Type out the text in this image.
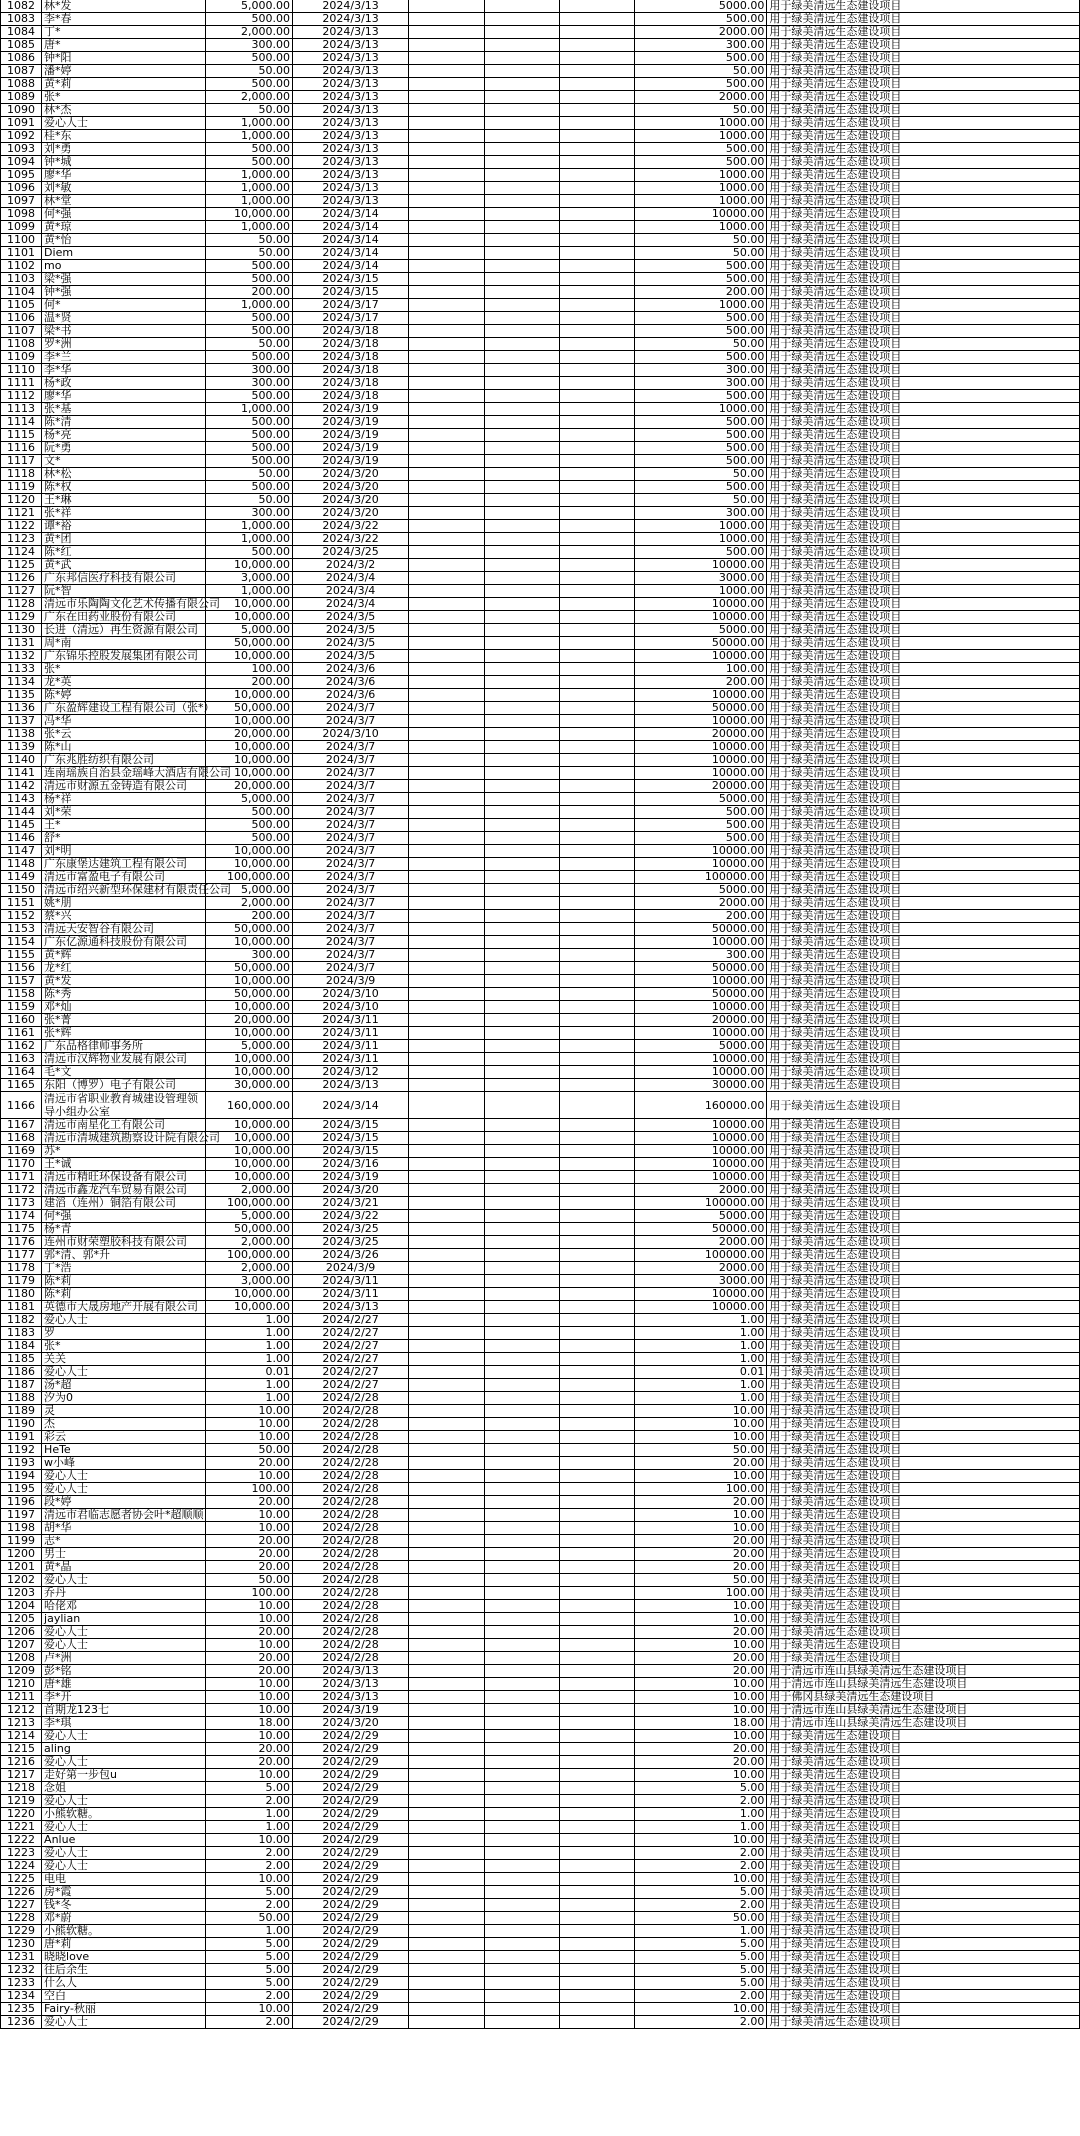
1082	林*发	5,000.00	2024/3/13				5000.00	用于绿美清远生态建设项目
1083	李*春	500.00	2024/3/13				500.00	用于绿美清远生态建设项目
1084	丁*	2,000.00	2024/3/13				2000.00	用于绿美清远生态建设项目
1085	唐*	300.00	2024/3/13				300.00	用于绿美清远生态建设项目
1086	钟*阳	500.00	2024/3/13				500.00	用于绿美清远生态建设项目
1087	潘*婷	50.00	2024/3/13				50.00	用于绿美清远生态建设项目
1088	黄*莉	500.00	2024/3/13				500.00	用于绿美清远生态建设项目
1089	张*	2,000.00	2024/3/13				2000.00	用于绿美清远生态建设项目
1090	林*杰	50.00	2024/3/13				50.00	用于绿美清远生态建设项目
1091	爱心人士	1,000.00	2024/3/13				1000.00	用于绿美清远生态建设项目
1092	桂*东	1,000.00	2024/3/13				1000.00	用于绿美清远生态建设项目
1093	刘*勇	500.00	2024/3/13				500.00	用于绿美清远生态建设项目
1094	钟*城	500.00	2024/3/13				500.00	用于绿美清远生态建设项目
1095	廖*华	1,000.00	2024/3/13				1000.00	用于绿美清远生态建设项目
1096	刘*敏	1,000.00	2024/3/13				1000.00	用于绿美清远生态建设项目
1097	林*堂	1,000.00	2024/3/13				1000.00	用于绿美清远生态建设项目
1098	何*强	10,000.00	2024/3/14				10000.00	用于绿美清远生态建设项目
1099	黄*琼	1,000.00	2024/3/14				1000.00	用于绿美清远生态建设项目
1100	黄*怡	50.00	2024/3/14				50.00	用于绿美清远生态建设项目
1101	Diem	50.00	2024/3/14				50.00	用于绿美清远生态建设项目
1102	mo	500.00	2024/3/14				500.00	用于绿美清远生态建设项目
1103	梁*强	500.00	2024/3/15				500.00	用于绿美清远生态建设项目
1104	钟*强	200.00	2024/3/15				200.00	用于绿美清远生态建设项目
1105	何*	1,000.00	2024/3/17				1000.00	用于绿美清远生态建设项目
1106	温*贤	500.00	2024/3/17				500.00	用于绿美清远生态建设项目
1107	梁*书	500.00	2024/3/18				500.00	用于绿美清远生态建设项目
1108	罗*洲	50.00	2024/3/18				50.00	用于绿美清远生态建设项目
1109	李*兰	500.00	2024/3/18				500.00	用于绿美清远生态建设项目
1110	李*华	300.00	2024/3/18				300.00	用于绿美清远生态建设项目
1111	杨*政	300.00	2024/3/18				300.00	用于绿美清远生态建设项目
1112	廖*华	500.00	2024/3/18				500.00	用于绿美清远生态建设项目
1113	张*基	1,000.00	2024/3/19				1000.00	用于绿美清远生态建设项目
1114	陈*清	500.00	2024/3/19				500.00	用于绿美清远生态建设项目
1115	杨*亮	500.00	2024/3/19				500.00	用于绿美清远生态建设项目
1116	阮*勇	500.00	2024/3/19				500.00	用于绿美清远生态建设项目
1117	文*	500.00	2024/3/19				500.00	用于绿美清远生态建设项目
1118	林*松	50.00	2024/3/20				50.00	用于绿美清远生态建设项目
1119	陈*权	500.00	2024/3/20				500.00	用于绿美清远生态建设项目
1120	王*琳	50.00	2024/3/20				50.00	用于绿美清远生态建设项目
1121	张*祥	300.00	2024/3/20				300.00	用于绿美清远生态建设项目
1122	谭*裕	1,000.00	2024/3/22				1000.00	用于绿美清远生态建设项目
1123	黄*团	1,000.00	2024/3/22				1000.00	用于绿美清远生态建设项目
1124	陈*红	500.00	2024/3/25				500.00	用于绿美清远生态建设项目
1125	黄*武	10,000.00	2024/3/2				10000.00	用于绿美清远生态建设项目
1126	广东邦信医疗科技有限公司	3,000.00	2024/3/4				3000.00	用于绿美清远生态建设项目
1127	阮*智	1,000.00	2024/3/4				1000.00	用于绿美清远生态建设项目
1128	清远市乐陶陶文化艺术传播有限公司	10,000.00	2024/3/4				10000.00	用于绿美清远生态建设项目
1129	广东在田药业股份有限公司	10,000.00	2024/3/5				10000.00	用于绿美清远生态建设项目
1130	长进（清远）再生资源有限公司	5,000.00	2024/3/5				5000.00	用于绿美清远生态建设项目
1131	周*南	50,000.00	2024/3/5				50000.00	用于绿美清远生态建设项目
1132	广东锦乐控股发展集团有限公司	10,000.00	2024/3/5				10000.00	用于绿美清远生态建设项目
1133	张*	100.00	2024/3/6				100.00	用于绿美清远生态建设项目
1134	龙*英	200.00	2024/3/6				200.00	用于绿美清远生态建设项目
1135	陈*婷	10,000.00	2024/3/6				10000.00	用于绿美清远生态建设项目
1136	广东盈辉建设工程有限公司（张*）	50,000.00	2024/3/7				50000.00	用于绿美清远生态建设项目
1137	冯*华	10,000.00	2024/3/7				10000.00	用于绿美清远生态建设项目
1138	张*云	20,000.00	2024/3/10				20000.00	用于绿美清远生态建设项目
1139	陈*山	10,000.00	2024/3/7				10000.00	用于绿美清远生态建设项目
1140	广东兆胜纺织有限公司	10,000.00	2024/3/7				10000.00	用于绿美清远生态建设项目
1141	连南瑶族自治县金瑶峰大酒店有限公司	10,000.00	2024/3/7				10000.00	用于绿美清远生态建设项目
1142	清远市财源五金铸造有限公司	20,000.00	2024/3/7				20000.00	用于绿美清远生态建设项目
1143	杨*祥	5,000.00	2024/3/7				5000.00	用于绿美清远生态建设项目
1144	刘*荣	500.00	2024/3/7				500.00	用于绿美清远生态建设项目
1145	王*	500.00	2024/3/7				500.00	用于绿美清远生态建设项目
1146	舒*	500.00	2024/3/7				500.00	用于绿美清远生态建设项目
1147	刘*明	10,000.00	2024/3/7				10000.00	用于绿美清远生态建设项目
1148	广东康堡达建筑工程有限公司	10,000.00	2024/3/7				10000.00	用于绿美清远生态建设项目
1149	清远市富盈电子有限公司	100,000.00	2024/3/7				100000.00	用于绿美清远生态建设项目
1150	清远市绍兴新型环保建材有限责任公司	5,000.00	2024/3/7				5000.00	用于绿美清远生态建设项目
1151	姚*朋	2,000.00	2024/3/7				2000.00	用于绿美清远生态建设项目
1152	蔡*兴	200.00	2024/3/7				200.00	用于绿美清远生态建设项目
1153	清远天安智谷有限公司	50,000.00	2024/3/7				50000.00	用于绿美清远生态建设项目
1154	广东亿源通科技股份有限公司	10,000.00	2024/3/7				10000.00	用于绿美清远生态建设项目
1155	黄*辉	300.00	2024/3/7				300.00	用于绿美清远生态建设项目
1156	龙*红	50,000.00	2024/3/7				50000.00	用于绿美清远生态建设项目
1157	黄*发	10,000.00	2024/3/9				10000.00	用于绿美清远生态建设项目
1158	陈*秀	50,000.00	2024/3/10				50000.00	用于绿美清远生态建设项目
1159	邓*灿	10,000.00	2024/3/10				10000.00	用于绿美清远生态建设项目
1160	张*菁	20,000.00	2024/3/11				20000.00	用于绿美清远生态建设项目
1161	张*辉	10,000.00	2024/3/11				10000.00	用于绿美清远生态建设项目
1162	广东品格律师事务所	5,000.00	2024/3/11				5000.00	用于绿美清远生态建设项目
1163	清远市汉辉物业发展有限公司	10,000.00	2024/3/11				10000.00	用于绿美清远生态建设项目
1164	毛*文	10,000.00	2024/3/12				10000.00	用于绿美清远生态建设项目
1165	东阳（博罗）电子有限公司	30,000.00	2024/3/13				30000.00	用于绿美清远生态建设项目
1166	清远市省职业教育城建设管理领导小组办公室	160,000.00	2024/3/14				160000.00	用于绿美清远生态建设项目
1167	清远市南星化工有限公司	10,000.00	2024/3/15				10000.00	用于绿美清远生态建设项目
1168	清远市清城建筑勘察设计院有限公司	10,000.00	2024/3/15				10000.00	用于绿美清远生态建设项目
1169	苏*	10,000.00	2024/3/15				10000.00	用于绿美清远生态建设项目
1170	王*诚	10,000.00	2024/3/16				10000.00	用于绿美清远生态建设项目
1171	清远市精旺环保设备有限公司	10,000.00	2024/3/19				10000.00	用于绿美清远生态建设项目
1172	清远市鑫龙汽车贸易有限公司	2,000.00	2024/3/20				2000.00	用于绿美清远生态建设项目
1173	建滔（连州）铜箔有限公司	100,000.00	2024/3/21				100000.00	用于绿美清远生态建设项目
1174	何*强	5,000.00	2024/3/22				5000.00	用于绿美清远生态建设项目
1175	杨*青	50,000.00	2024/3/25				50000.00	用于绿美清远生态建设项目
1176	连州市财荣塑胶科技有限公司	2,000.00	2024/3/25				2000.00	用于绿美清远生态建设项目
1177	郭*清、郭*升	100,000.00	2024/3/26				100000.00	用于绿美清远生态建设项目
1178	丁*浩	2,000.00	2024/3/9				2000.00	用于绿美清远生态建设项目
1179	陈*莉	3,000.00	2024/3/11				3000.00	用于绿美清远生态建设项目
1180	陈*莉	10,000.00	2024/3/11				10000.00	用于绿美清远生态建设项目
1181	英德市大晟房地产开展有限公司	10,000.00	2024/3/13				10000.00	用于绿美清远生态建设项目
1182	爱心人士	1.00	2024/2/27				1.00	用于绿美清远生态建设项目
1183	罗	1.00	2024/2/27				1.00	用于绿美清远生态建设项目
1184	张*	1.00	2024/2/27				1.00	用于绿美清远生态建设项目
1185	关关	1.00	2024/2/27				1.00	用于绿美清远生态建设项目
1186	爱心人士	0.01	2024/2/27				0.01	用于绿美清远生态建设项目
1187	汤*超	1.00	2024/2/27				1.00	用于绿美清远生态建设项目
1188	汐为0	1.00	2024/2/28				1.00	用于绿美清远生态建设项目
1189	灵	10.00	2024/2/28				10.00	用于绿美清远生态建设项目
1190	杰	10.00	2024/2/28				10.00	用于绿美清远生态建设项目
1191	彩云	10.00	2024/2/28				10.00	用于绿美清远生态建设项目
1192	HeTe	50.00	2024/2/28				50.00	用于绿美清远生态建设项目
1193	w小峰	20.00	2024/2/28				20.00	用于绿美清远生态建设项目
1194	爱心人士	10.00	2024/2/28				10.00	用于绿美清远生态建设项目
1195	爱心人士	100.00	2024/2/28				100.00	用于绿美清远生态建设项目
1196	段*婷	20.00	2024/2/28				20.00	用于绿美清远生态建设项目
1197	清远市君临志愿者协会叶*超顺顺	10.00	2024/2/28				10.00	用于绿美清远生态建设项目
1198	胡*华	10.00	2024/2/28				10.00	用于绿美清远生态建设项目
1199	志*	20.00	2024/2/28				20.00	用于绿美清远生态建设项目
1200	男士	20.00	2024/2/28				20.00	用于绿美清远生态建设项目
1201	黄*晶	20.00	2024/2/28				20.00	用于绿美清远生态建设项目
1202	爱心人士	50.00	2024/2/28				50.00	用于绿美清远生态建设项目
1203	乔丹	100.00	2024/2/28				100.00	用于绿美清远生态建设项目
1204	哈佬邓	10.00	2024/2/28				10.00	用于绿美清远生态建设项目
1205	jaylian	10.00	2024/2/28				10.00	用于绿美清远生态建设项目
1206	爱心人士	20.00	2024/2/28				20.00	用于绿美清远生态建设项目
1207	爱心人士	10.00	2024/2/28				10.00	用于绿美清远生态建设项目
1208	卢*洲	20.00	2024/2/28				20.00	用于绿美清远生态建设项目
1209	彭*铭	20.00	2024/3/13				20.00	用于清远市连山县绿美清远生态建设项目
1210	唐*雄	10.00	2024/3/13				10.00	用于清远市连山县绿美清远生态建设项目
1211	李*开	10.00	2024/3/13				10.00	用于佛冈县绿美清远生态建设项目
1212	首期龙123七	10.00	2024/3/19				10.00	用于清远市连山县绿美清远生态建设项目
1213	李*琪	18.00	2024/3/20				18.00	用于清远市连山县绿美清远生态建设项目
1214	爱心人士	10.00	2024/2/29				10.00	用于绿美清远生态建设项目
1215	aling	20.00	2024/2/29				20.00	用于绿美清远生态建设项目
1216	爱心人士	20.00	2024/2/29				20.00	用于绿美清远生态建设项目
1217	走好第一步包u	10.00	2024/2/29				10.00	用于绿美清远生态建设项目
1218	念姐	5.00	2024/2/29				5.00	用于绿美清远生态建设项目
1219	爱心人士	2.00	2024/2/29				2.00	用于绿美清远生态建设项目
1220	小熊软糖。	1.00	2024/2/29				1.00	用于绿美清远生态建设项目
1221	爱心人士	1.00	2024/2/29				1.00	用于绿美清远生态建设项目
1222	Anlue	10.00	2024/2/29				10.00	用于绿美清远生态建设项目
1223	爱心人士	2.00	2024/2/29				2.00	用于绿美清远生态建设项目
1224	爱心人士	2.00	2024/2/29				2.00	用于绿美清远生态建设项目
1225	电电	10.00	2024/2/29				10.00	用于绿美清远生态建设项目
1226	房*霞	5.00	2024/2/29				5.00	用于绿美清远生态建设项目
1227	钱*冬	2.00	2024/2/29				2.00	用于绿美清远生态建设项目
1228	邓*蔚	50.00	2024/2/29				50.00	用于绿美清远生态建设项目
1229	小熊软糖。	1.00	2024/2/29				1.00	用于绿美清远生态建设项目
1230	唐*莉	5.00	2024/2/29				5.00	用于绿美清远生态建设项目
1231	晓晓love	5.00	2024/2/29				5.00	用于绿美清远生态建设项目
1232	往后余生	5.00	2024/2/29				5.00	用于绿美清远生态建设项目
1233	什么人	5.00	2024/2/29				5.00	用于绿美清远生态建设项目
1234	空白	2.00	2024/2/29				2.00	用于绿美清远生态建设项目
1235	Fairy-秋丽	10.00	2024/2/29				10.00	用于绿美清远生态建设项目
1236	爱心人士	2.00	2024/2/29				2.00	用于绿美清远生态建设项目
